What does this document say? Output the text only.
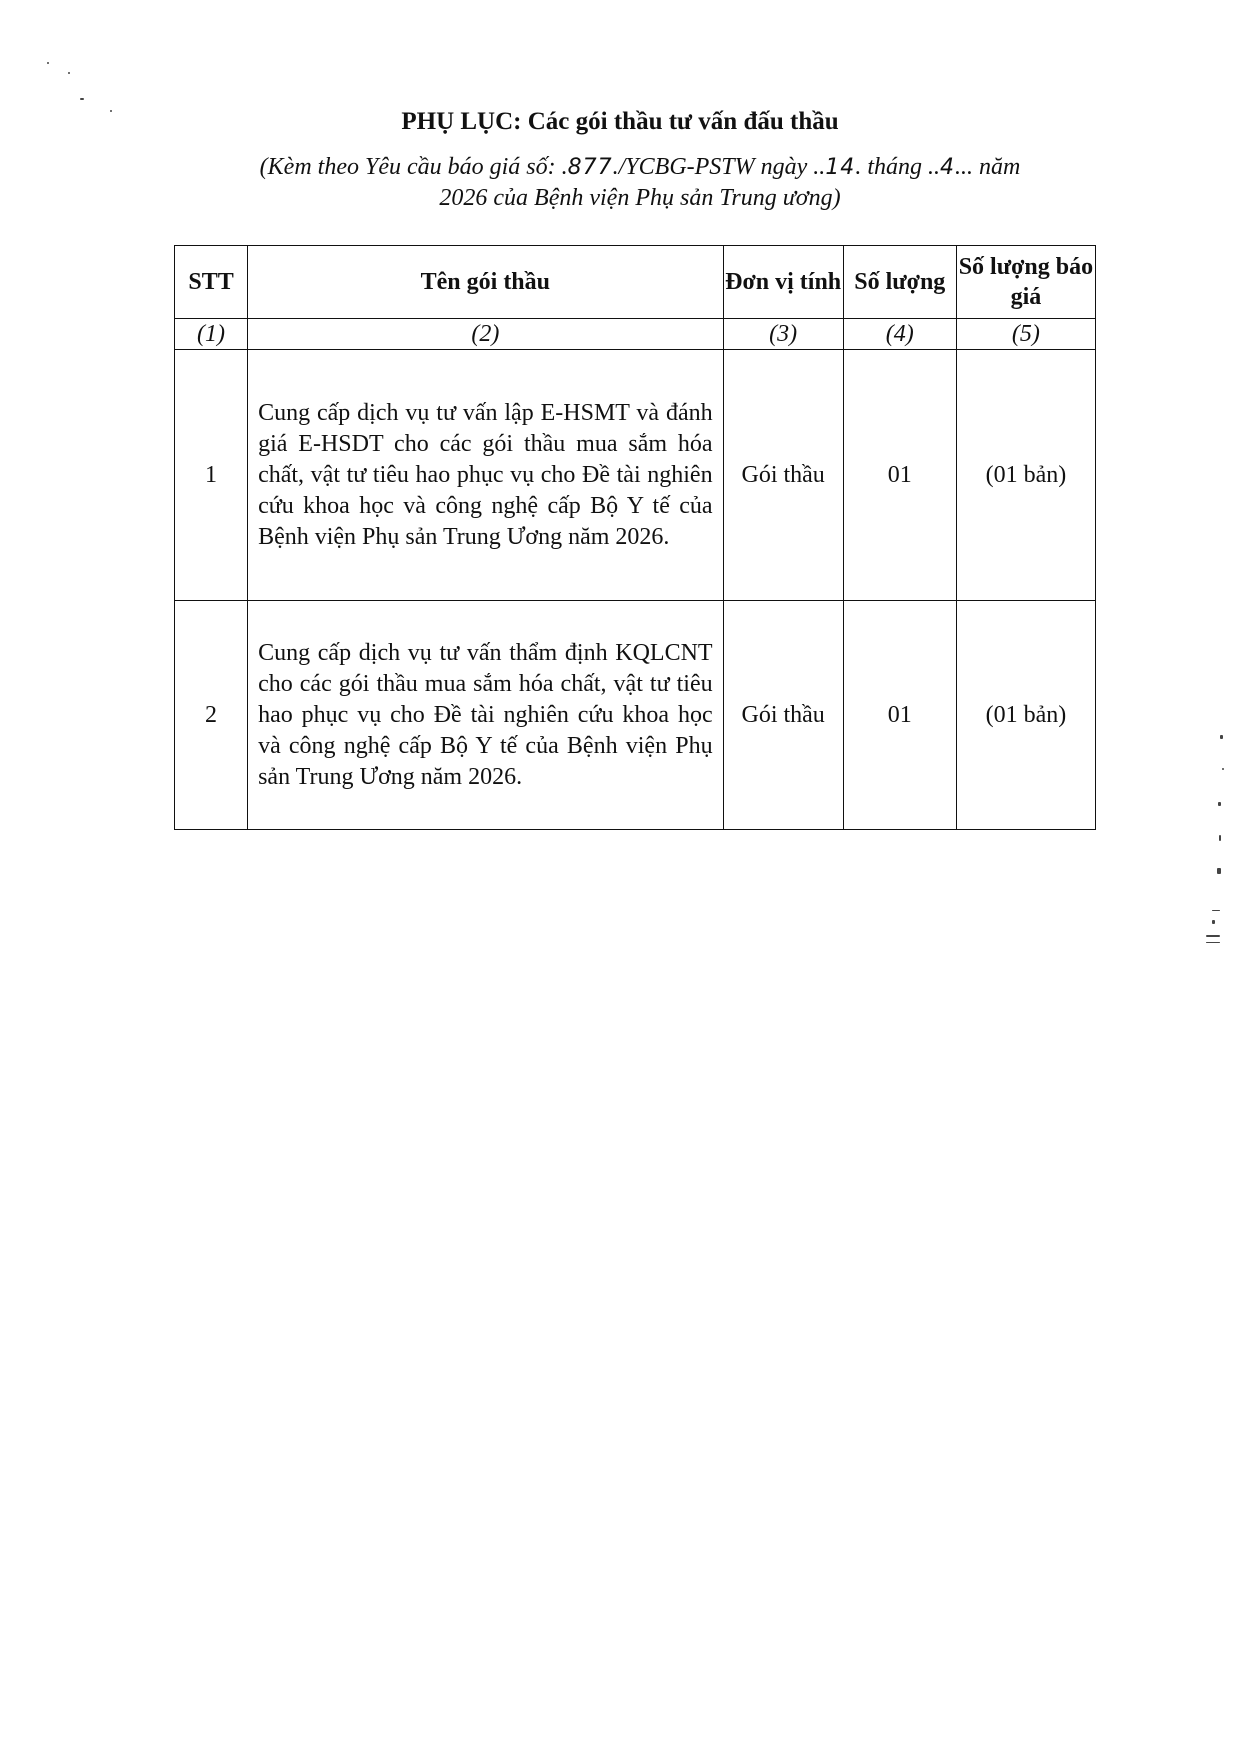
PHỤ LỤC: Các gói thầu tư vấn đấu thầu
(Kèm theo Yêu cầu báo giá số: .877./YCBG-PSTW ngày ..14. tháng ..4... năm
2026 của Bệnh viện Phụ sản Trung ương)
STT	Tên gói thầu	Đơn vị tính	Số lượng	Số lượng báo giá
(1)	(2)	(3)	(4)	(5)
1	Cung cấp dịch vụ tư vấn lập E-HSMT và đánh giá E-HSDT cho các gói thầu mua sắm hóa chất, vật tư tiêu hao phục vụ cho Đề tài nghiên cứu khoa học và công nghệ cấp Bộ Y tế của Bệnh viện Phụ sản Trung Ương năm 2026.	Gói thầu	01	(01 bản)
2	Cung cấp dịch vụ tư vấn thẩm định KQLCNT cho các gói thầu mua sắm hóa chất, vật tư tiêu hao phục vụ cho Đề tài nghiên cứu khoa học và công nghệ cấp Bộ Y tế của Bệnh viện Phụ sản Trung Ương năm 2026.	Gói thầu	01	(01 bản)
